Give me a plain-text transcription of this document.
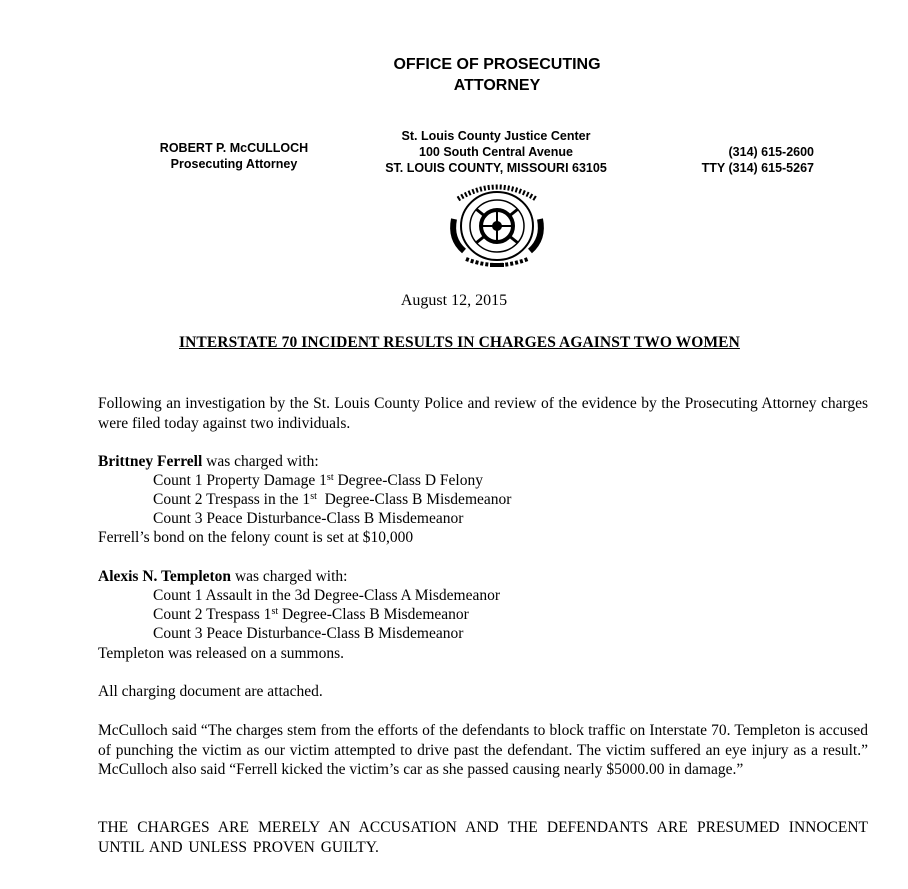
OFFICE OF PROSECUTING
ATTORNEY
ROBERT P. McCULLOCH
Prosecuting Attorney
St. Louis County Justice Center
100 South Central Avenue
ST. LOUIS COUNTY, MISSOURI 63105
(314) 615-2600
TTY (314) 615-5267
August 12, 2015
INTERSTATE 70 INCIDENT RESULTS IN CHARGES AGAINST TWO WOMEN
Following an investigation by the St. Louis County Police and review of the evidence by the Prosecuting Attorney charges were filed today against two individuals.
Brittney Ferrell was charged with:
Count 1 Property Damage 1st Degree-Class D Felony
Count 2 Trespass in the 1st  Degree-Class B Misdemeanor
Count 3 Peace Disturbance-Class B Misdemeanor
Ferrell’s bond on the felony count is set at $10,000
Alexis N. Templeton was charged with:
Count 1 Assault in the 3d Degree-Class A Misdemeanor
Count 2 Trespass 1st Degree-Class B Misdemeanor
Count 3 Peace Disturbance-Class B Misdemeanor
Templeton was released on a summons.
All charging document are attached.
McCulloch said “The charges stem from the efforts of the defendants to block traffic on Interstate 70. Templeton is accused of punching the victim as our victim attempted to drive past the defendant. The victim suffered an eye injury as a result.” McCulloch also said “Ferrell kicked the victim’s car as she passed causing nearly $5000.00 in damage.”
THE CHARGES ARE MERELY AN ACCUSATION AND THE DEFENDANTS ARE PRESUMED INNOCENT UNTIL AND UNLESS PROVEN GUILTY.
